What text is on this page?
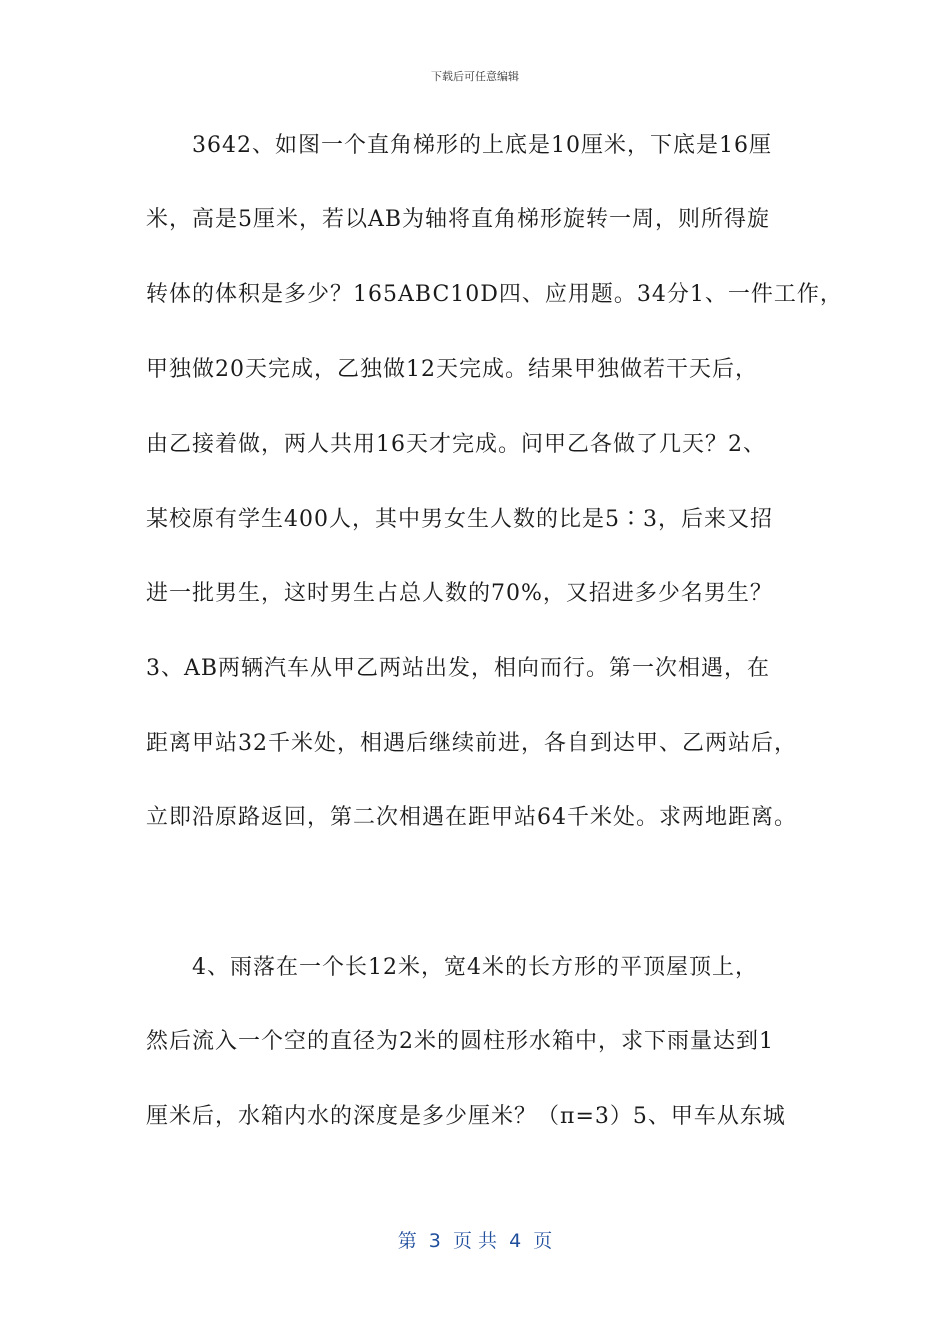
下载后可任意编辑
3642、如图一个直角梯形的上底是10厘米，下底是16厘
米，高是5厘米，若以AB为轴将直角梯形旋转一周，则所得旋
转体的体积是多少？165ABC10D四、应用题。34分1、一件工作，
甲独做20天完成，乙独做12天完成。结果甲独做若干天后，
由乙接着做，两人共用16天才完成。问甲乙各做了几天？2、
某校原有学生400人，其中男女生人数的比是5∶3，后来又招
进一批男生，这时男生占总人数的70%，又招进多少名男生？
3、AB两辆汽车从甲乙两站出发，相向而行。第一次相遇，在
距离甲站32千米处，相遇后继续前进，各自到达甲、乙两站后，
立即沿原路返回，第二次相遇在距甲站64千米处。求两地距离。
4、雨落在一个长12米，宽4米的长方形的平顶屋顶上，
然后流入一个空的直径为2米的圆柱形水箱中，求下雨量达到1
厘米后，水箱内水的深度是多少厘米？（π=3）5、甲车从东城
第  3  页 共  4  页
